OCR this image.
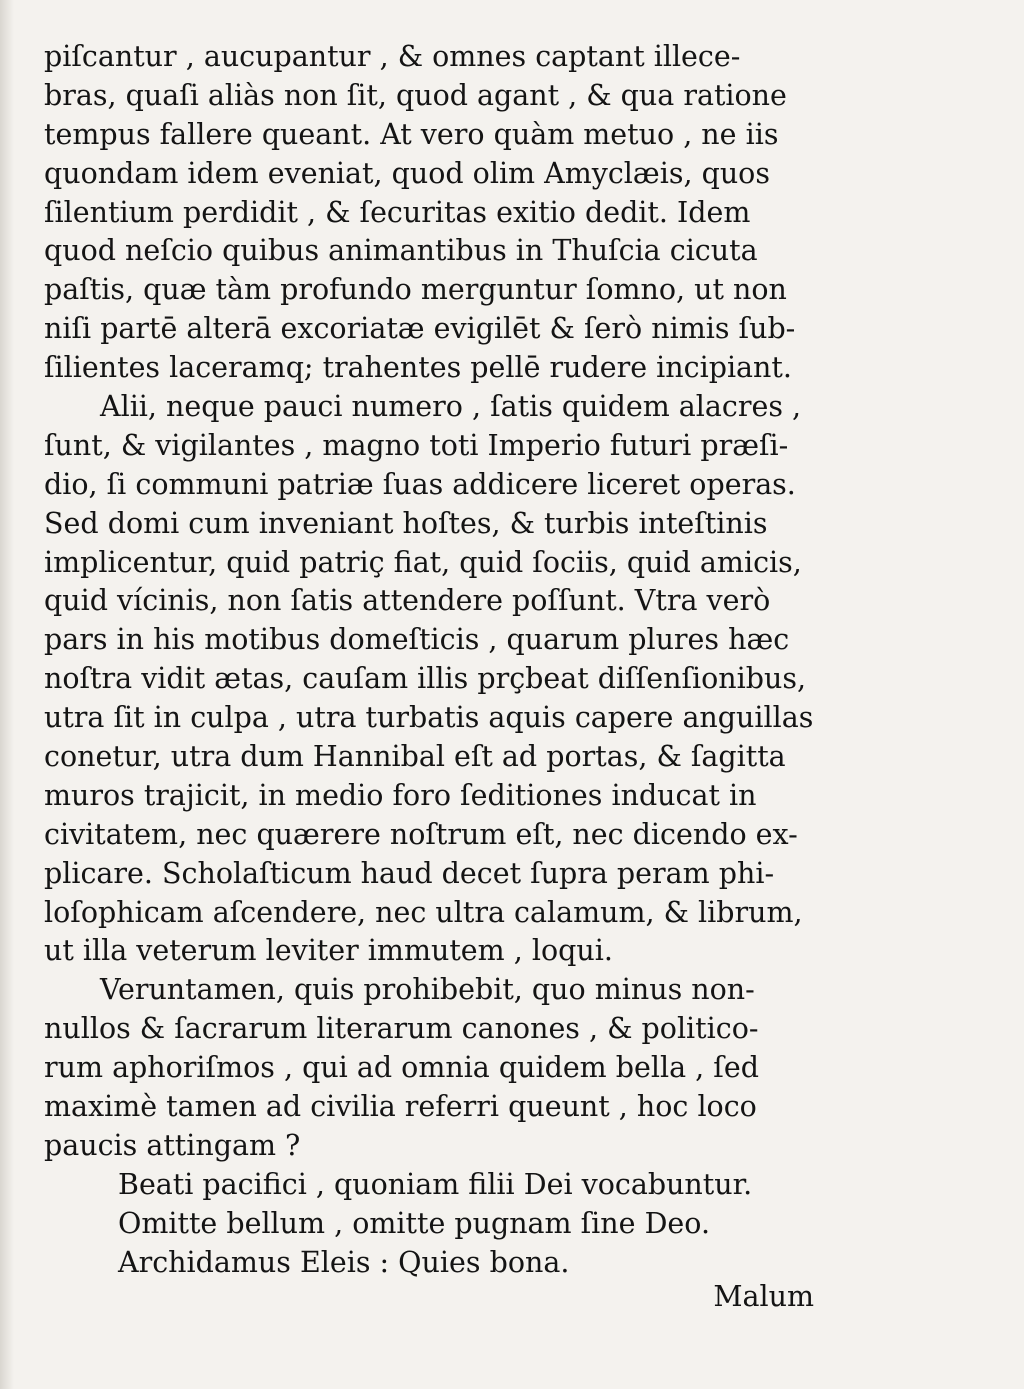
piſcantur , aucupantur , & omnes captant illece-
bras, quaſi aliàs non ſit, quod agant , & qua ratione
tempus fallere queant. At vero quàm metuo , ne iis
quondam idem eveniat, quod olim Amyclæis, quos
ſilentium perdidit , & ſecuritas exitio dedit. Idem
quod neſcio quibus animantibus in Thuſcia cicuta
paſtis, quæ tàm profundo merguntur ſomno, ut non
niſi partē alterā excoriatæ evigilēt & ſerò nimis ſub-
ſilientes laceramq; trahentes pellē rudere incipiant.
Alii, neque pauci numero , ſatis quidem alacres ,
ſunt, & vigilantes , magno toti Imperio futuri præſi-
dio, ſi communi patriæ ſuas addicere liceret operas.
Sed domi cum inveniant hoſtes, & turbis inteſtinis
implicentur, quid patriç fiat, quid ſociis, quid amicis,
quid vícinis, non ſatis attendere poſſunt. Vtra verò
pars in his motibus domeſticis , quarum plures hæc
noſtra vidit ætas, cauſam illis prçbeat diſſenſionibus,
utra ſit in culpa , utra turbatis aquis capere anguillas
conetur, utra dum Hannibal eſt ad portas, & ſagitta
muros trajicit, in medio foro ſeditiones inducat in
civitatem, nec quærere noſtrum eſt, nec dicendo ex-
plicare. Scholaſticum haud decet ſupra peram phi-
loſophicam aſcendere, nec ultra calamum, & librum,
ut illa veterum leviter immutem , loqui.
Veruntamen, quis prohibebit, quo minus non-
nullos & ſacrarum literarum canones , & politico-
rum aphoriſmos , qui ad omnia quidem bella , ſed
maximè tamen ad civilia referri queunt , hoc loco
paucis attingam ?
Beati pacifici , quoniam filii Dei vocabuntur.
Omitte bellum , omitte pugnam ſine Deo.
Archidamus Eleis : Quies bona.
Malum
